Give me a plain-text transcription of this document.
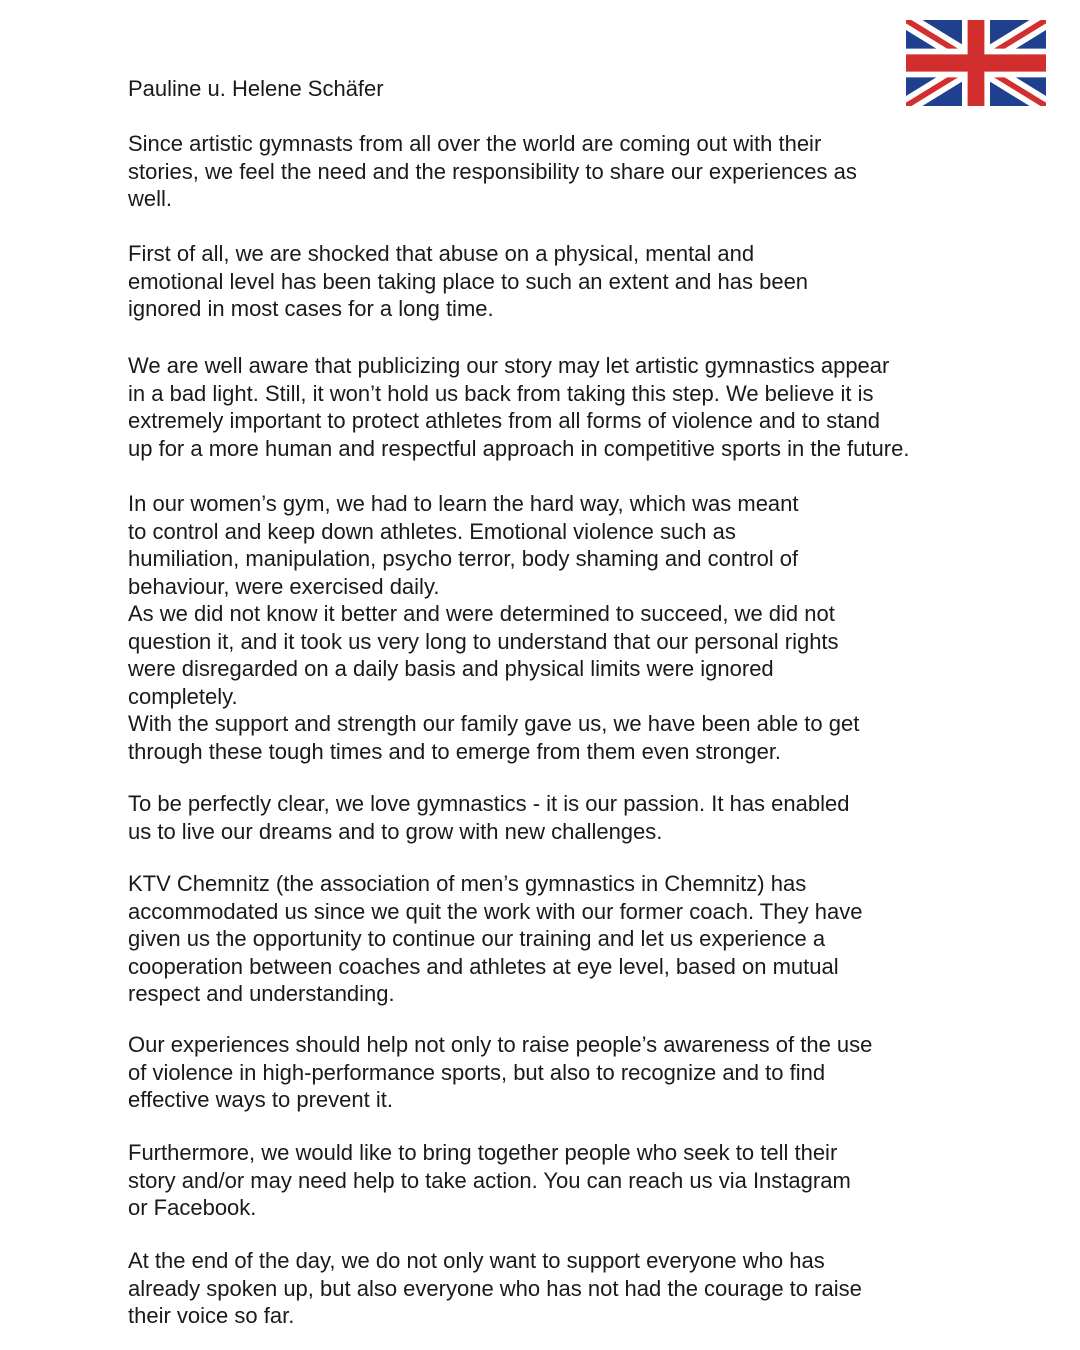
Pauline u. Helene Schäfer

Since artistic gymnasts from all over the world are coming out with their
stories, we feel the need and the responsibility to share our experiences as
well.

First of all, we are shocked that abuse on a physical, mental and
emotional level has been taking place to such an extent and has been
ignored in most cases for a long time.

We are well aware that publicizing our story may let artistic gymnastics appear
in a bad light. Still, it won’t hold us back from taking this step. We believe it is
extremely important to protect athletes from all forms of violence and to stand
up for a more human and respectful approach in competitive sports in the future.

In our women’s gym, we had to learn the hard way, which was meant
to control and keep down athletes. Emotional violence such as
humiliation, manipulation, psycho terror, body shaming and control of
behaviour, were exercised daily.
As we did not know it better and were determined to succeed, we did not
question it, and it took us very long to understand that our personal rights
were disregarded on a daily basis and physical limits were ignored
completely.
With the support and strength our family gave us, we have been able to get
through these tough times and to emerge from them even stronger.

To be perfectly clear, we love gymnastics - it is our passion. It has enabled
us to live our dreams and to grow with new challenges.

KTV Chemnitz (the association of men’s gymnastics in Chemnitz) has
accommodated us since we quit the work with our former coach. They have
given us the opportunity to continue our training and let us experience a
cooperation between coaches and athletes at eye level, based on mutual
respect and understanding.

Our experiences should help not only to raise people’s awareness of the use
of violence in high-performance sports, but also to recognize and to find
effective ways to prevent it.

Furthermore, we would like to bring together people who seek to tell their
story and/or may need help to take action. You can reach us via Instagram
or Facebook.

At the end of the day, we do not only want to support everyone who has
already spoken up, but also everyone who has not had the courage to raise
their voice so far.
